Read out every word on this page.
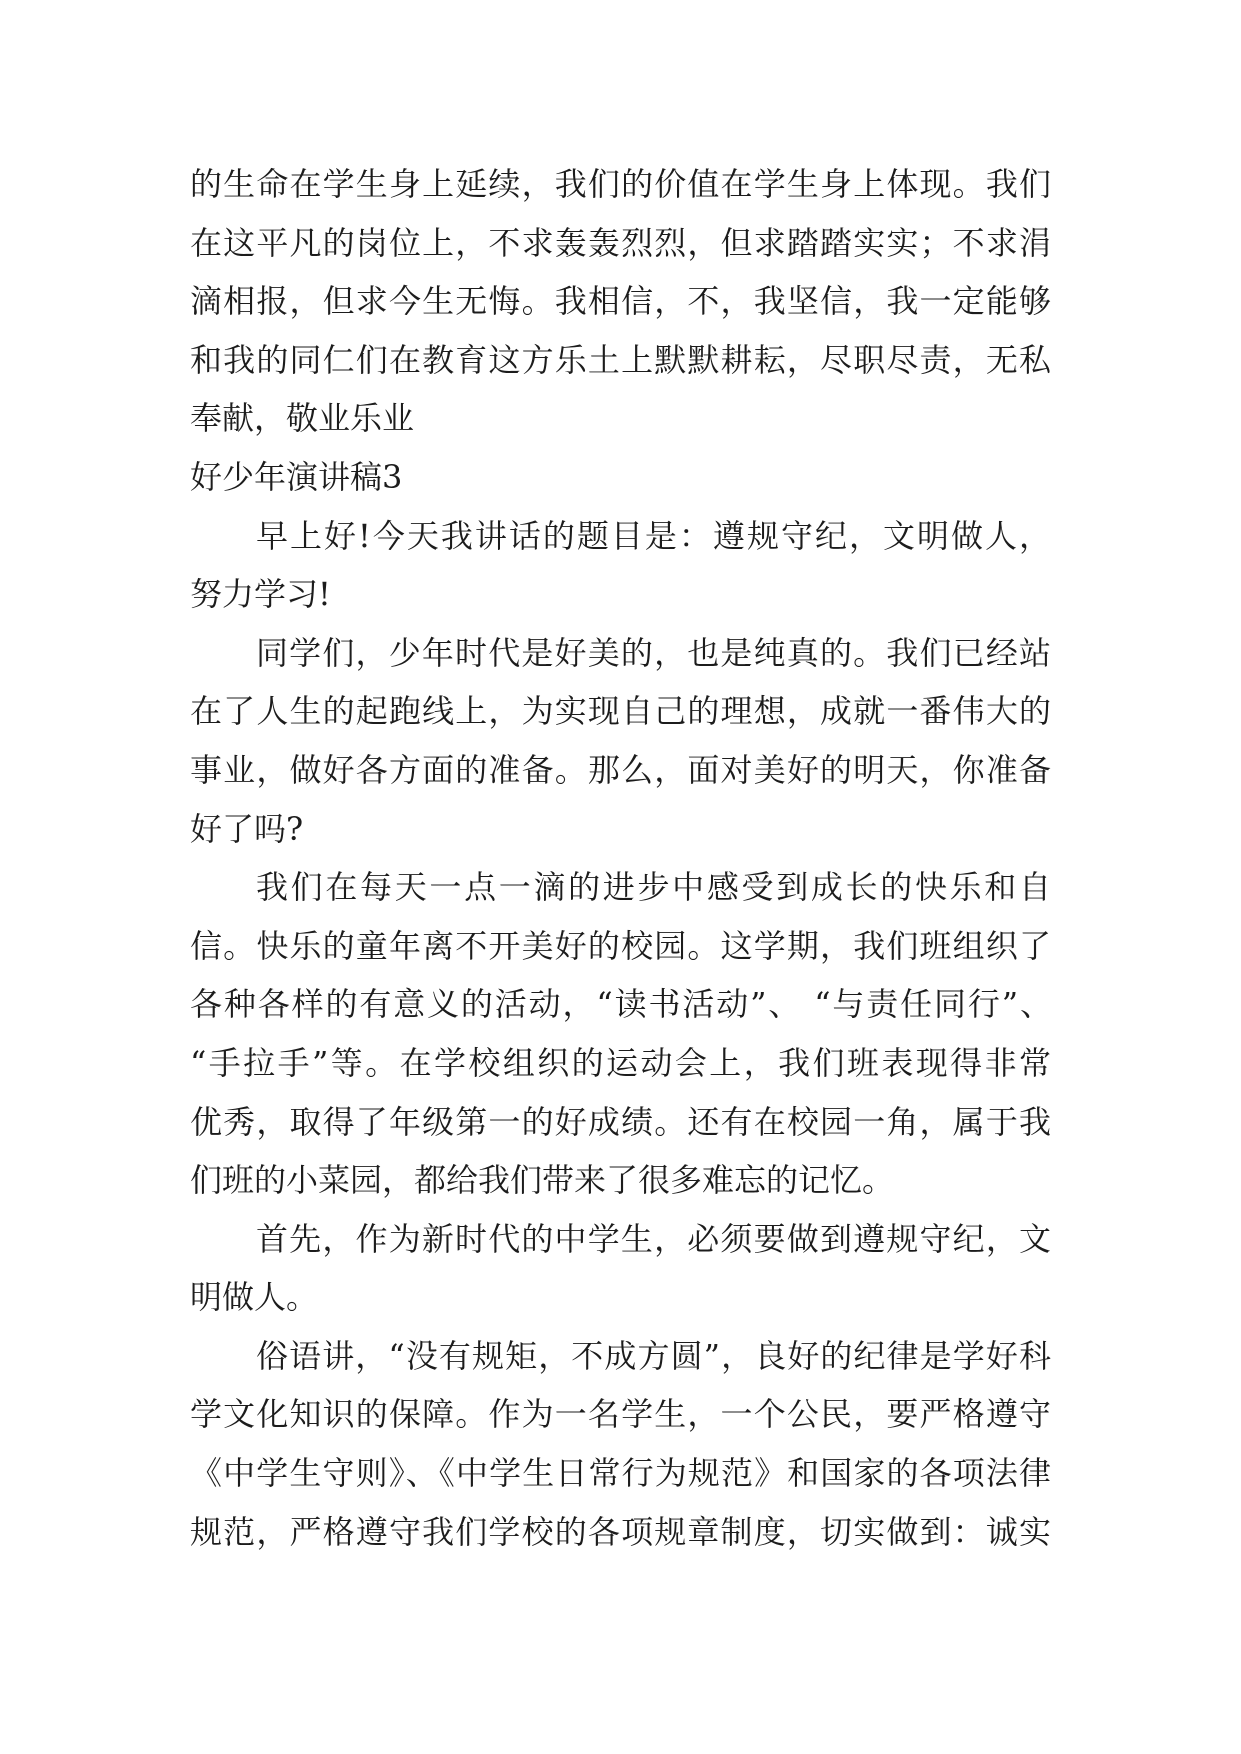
的生命在学生身上延续，我们的价值在学生身上体现。我们
在这平凡的岗位上，不求轰轰烈烈，但求踏踏实实；不求涓
滴相报，但求今生无悔。我相信，不，我坚信，我一定能够
和我的同仁们在教育这方乐土上默默耕耘，尽职尽责，无私
奉献，敬业乐业
好少年演讲稿3
早上好!今天我讲话的题目是：遵规守纪，文明做人，
努力学习!
同学们，少年时代是好美的，也是纯真的。我们已经站
在了人生的起跑线上，为实现自己的理想，成就一番伟大的
事业，做好各方面的准备。那么，面对美好的明天，你准备
好了吗?
我们在每天一点一滴的进步中感受到成长的快乐和自
信。快乐的童年离不开美好的校园。这学期，我们班组织了
各种各样的有意义的活动，“读书活动”、 “与责任同行”、
“手拉手”等。在学校组织的运动会上，我们班表现得非常
优秀，取得了年级第一的好成绩。还有在校园一角，属于我
们班的小菜园，都给我们带来了很多难忘的记忆。
首先，作为新时代的中学生，必须要做到遵规守纪，文
明做人。
俗语讲，“没有规矩，不成方圆”，良好的纪律是学好科
学文化知识的保障。作为一名学生，一个公民，要严格遵守
《中学生守则》、《中学生日常行为规范》和国家的各项法律
规范，严格遵守我们学校的各项规章制度，切实做到：诚实
